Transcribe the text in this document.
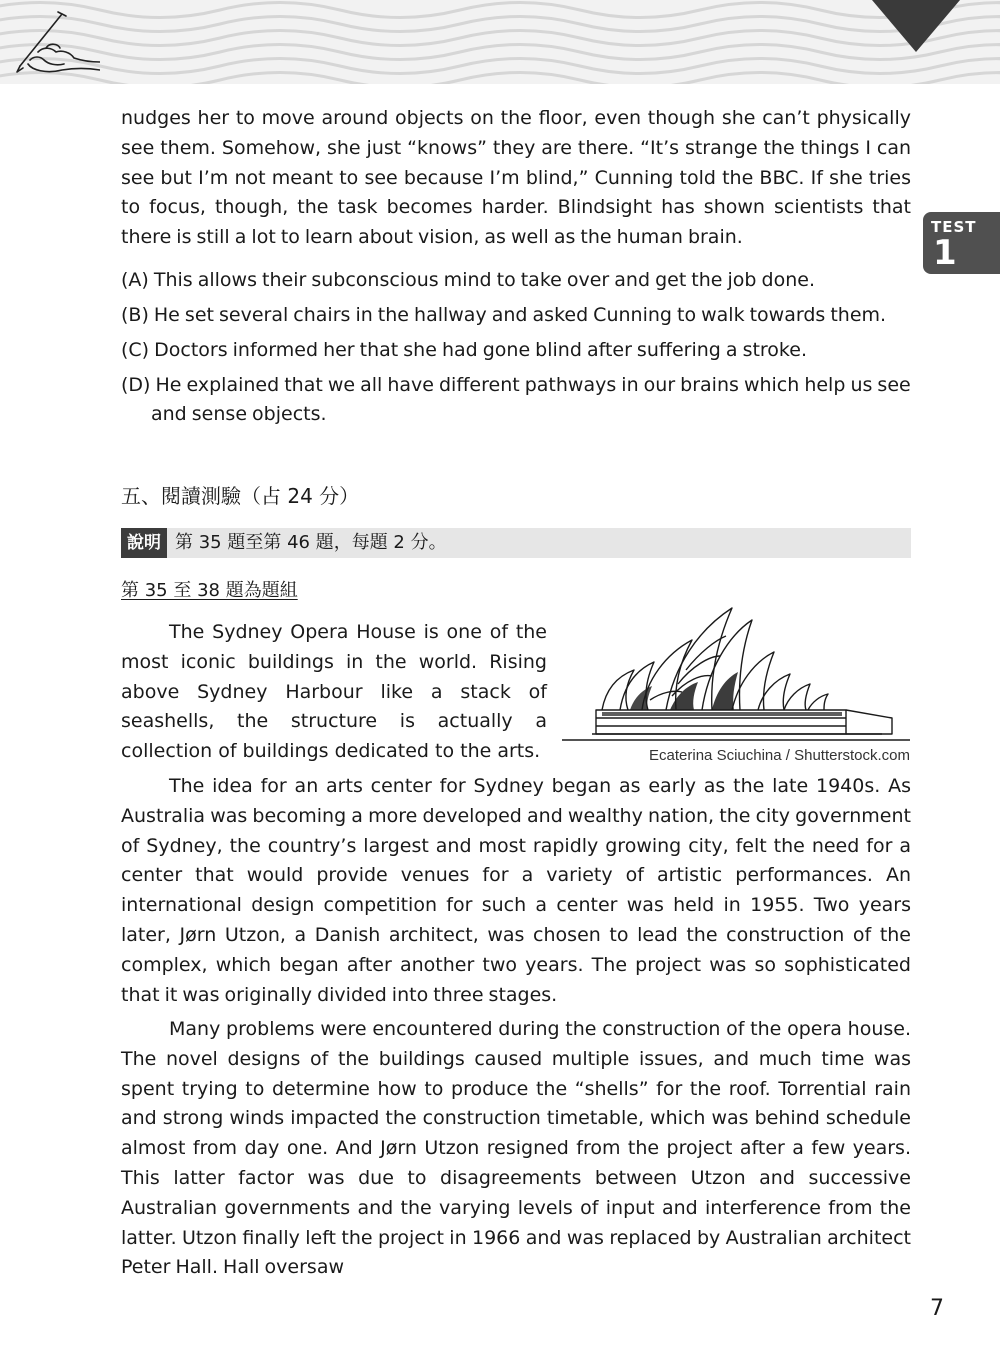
TEST
1
nudges her to move around objects on the floor, even though she can’t physically see them. Somehow, she just “knows” they are there. “It’s strange the things I can see but I’m not meant to see because I’m blind,” Cunning told the BBC. If she tries to focus, though, the task becomes harder. Blindsight has shown scientists that there is still a lot to learn about vision, as well as the human brain.
(A) This allows their subconscious mind to take over and get the job done.
(B) He set several chairs in the hallway and asked Cunning to walk towards them.
(C) Doctors informed her that she had gone blind after suffering a stroke.
(D) He explained that we all have different pathways in our brains which help us see and sense objects.
五、閱讀測驗（占 24 分）
說明 第 35 題至第 46 題，每題 2 分。
第 35 至 38 題為題組
The Sydney Opera House is one of the most iconic buildings in the world. Rising above Sydney Harbour like a stack of seashells, the structure is actually a collection of buildings dedicated to the arts.	Ecaterina Sciuchina / Shutterstock.com
The idea for an arts center for Sydney began as early as the late 1940s. As Australia was becoming a more developed and wealthy nation, the city government of Sydney, the country’s largest and most rapidly growing city, felt the need for a center that would provide venues for a variety of artistic performances. An international design competition for such a center was held in 1955. Two years later, Jørn Utzon, a Danish architect, was chosen to lead the construction of the complex, which began after another two years. The project was so sophisticated that it was originally divided into three stages.
Many problems were encountered during the construction of the opera house. The novel designs of the buildings caused multiple issues, and much time was spent trying to determine how to produce the “shells” for the roof. Torrential rain and strong winds impacted the construction timetable, which was behind schedule almost from day one. And Jørn Utzon resigned from the project after a few years. This latter factor was due to disagreements between Utzon and successive Australian governments and the varying levels of input and interference from the latter. Utzon finally left the project in 1966 and was replaced by Australian architect Peter Hall. Hall oversaw
7
